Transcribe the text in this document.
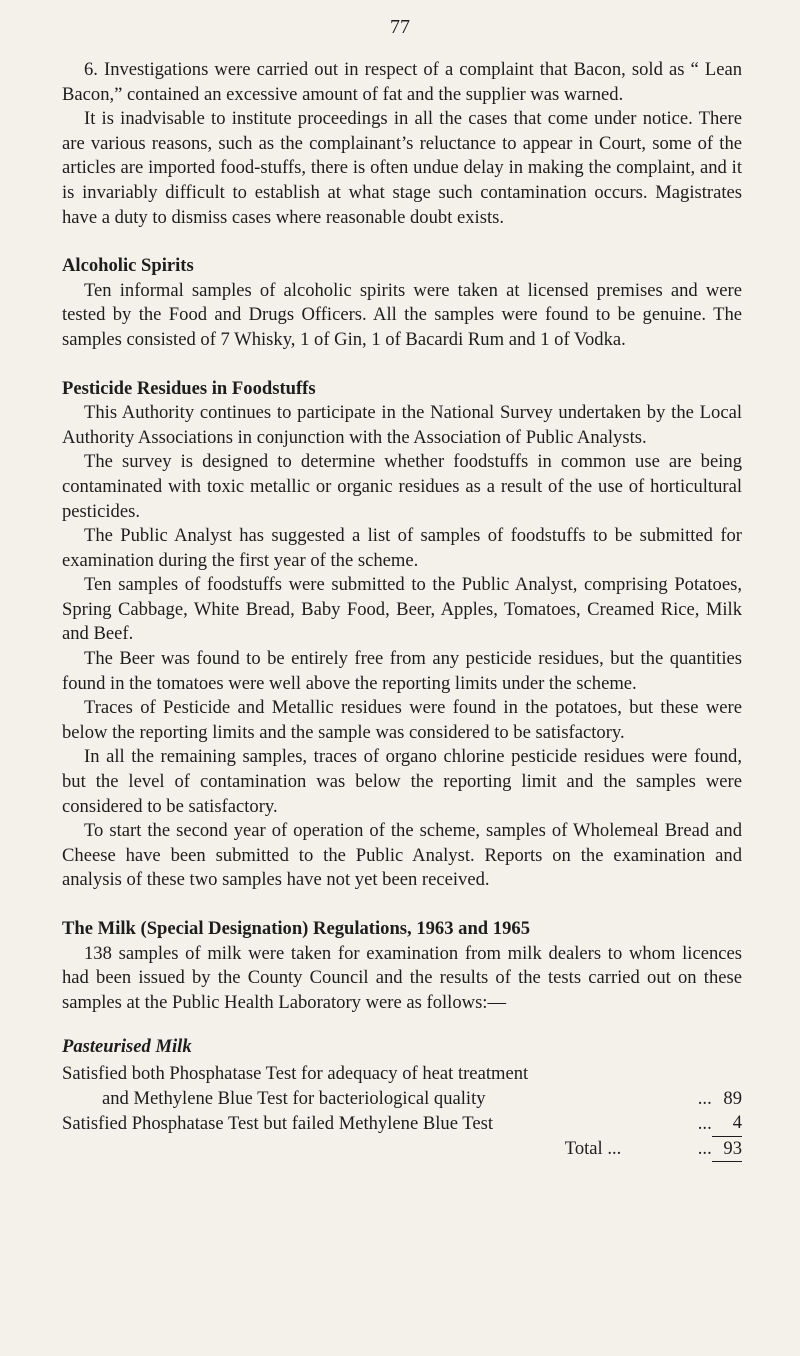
77

6. Investigations were carried out in respect of a complaint that Bacon, sold as “ Lean Bacon,” contained an excessive amount of fat and the supplier was warned.

It is inadvisable to institute proceedings in all the cases that come under notice. There are various reasons, such as the complainant’s reluctance to appear in Court, some of the articles are imported food-stuffs, there is often undue delay in making the complaint, and it is invariably difficult to establish at what stage such contamination occurs. Magistrates have a duty to dismiss cases where reasonable doubt exists.

Alcoholic Spirits

Ten informal samples of alcoholic spirits were taken at licensed premises and were tested by the Food and Drugs Officers. All the samples were found to be genuine. The samples consisted of 7 Whisky, 1 of Gin, 1 of Bacardi Rum and 1 of Vodka.

Pesticide Residues in Foodstuffs

This Authority continues to participate in the National Survey undertaken by the Local Authority Associations in conjunction with the Association of Public Analysts.

The survey is designed to determine whether foodstuffs in common use are being contaminated with toxic metallic or organic residues as a result of the use of horticultural pesticides.

The Public Analyst has suggested a list of samples of foodstuffs to be submitted for examination during the first year of the scheme.

Ten samples of foodstuffs were submitted to the Public Analyst, comprising Potatoes, Spring Cabbage, White Bread, Baby Food, Beer, Apples, Tomatoes, Creamed Rice, Milk and Beef.

The Beer was found to be entirely free from any pesticide residues, but the quantities found in the tomatoes were well above the reporting limits under the scheme.

Traces of Pesticide and Metallic residues were found in the potatoes, but these were below the reporting limits and the sample was considered to be satisfactory.

In all the remaining samples, traces of organo chlorine pesticide residues were found, but the level of contamination was below the reporting limit and the samples were considered to be satisfactory.

To start the second year of operation of the scheme, samples of Wholemeal Bread and Cheese have been submitted to the Public Analyst. Reports on the examination and analysis of these two samples have not yet been received.

The Milk (Special Designation) Regulations, 1963 and 1965

138 samples of milk were taken for examination from milk dealers to whom licences had been issued by the County Council and the results of the tests carried out on these samples at the Public Health Laboratory were as follows:—

Pasteurised Milk
Satisfied both Phosphatase Test for adequacy of heat treatment
and Methylene Blue Test for bacteriological quality	...	89
Satisfied Phosphatase Test but failed Methylene Blue Test	...	4

Total ...	...	93
